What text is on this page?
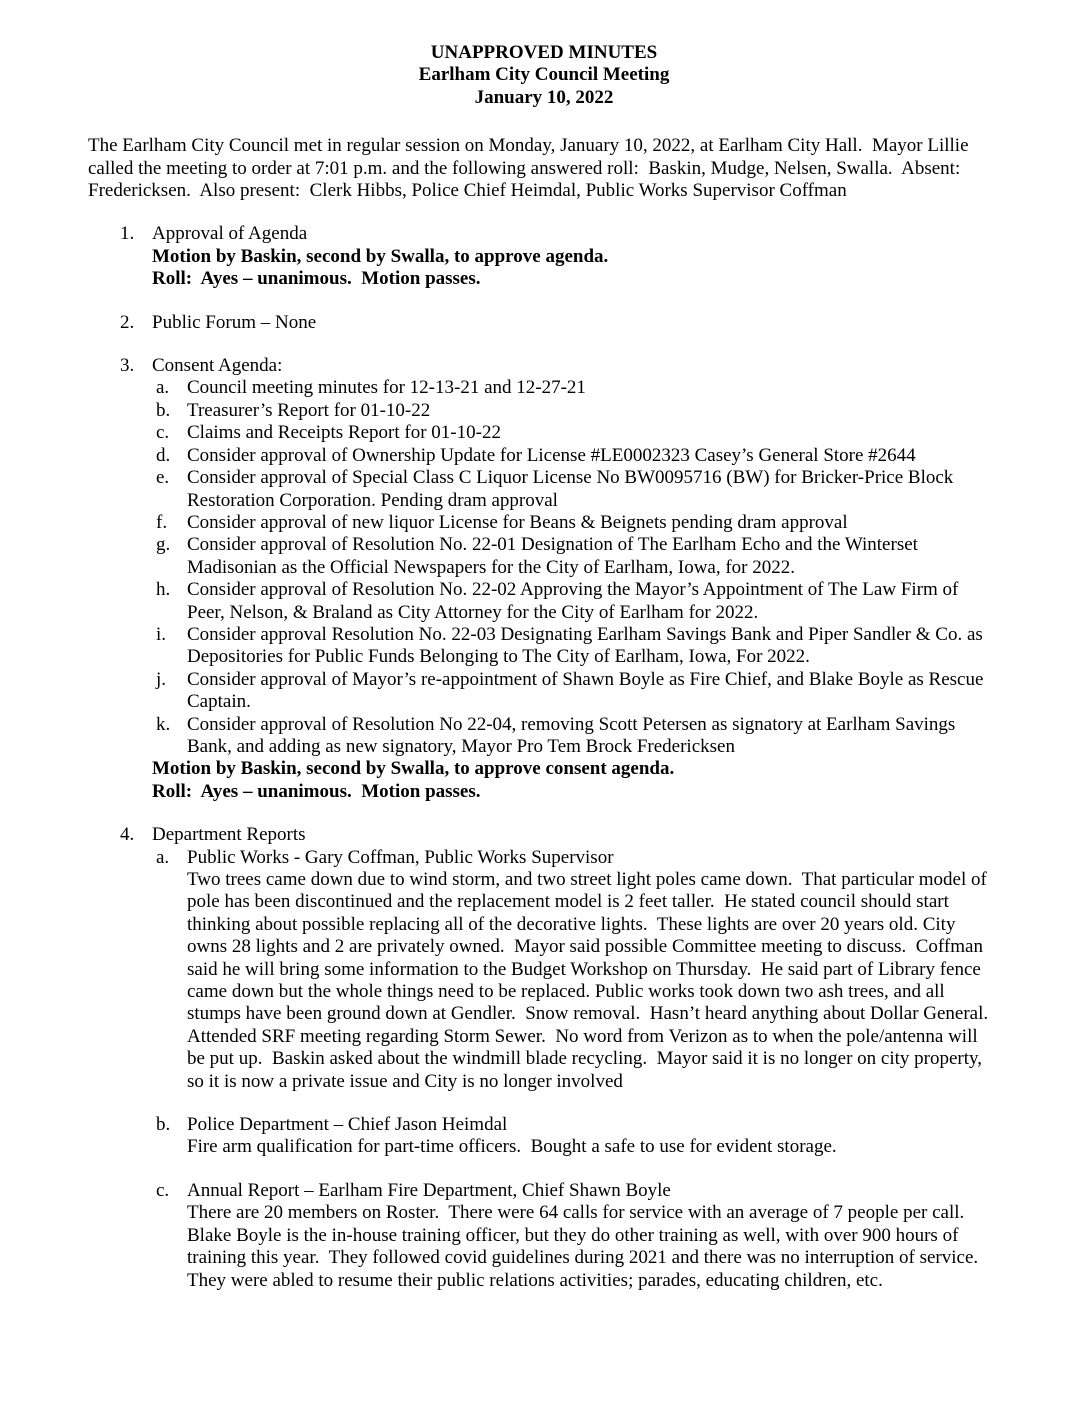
UNAPPROVED MINUTES
Earlham City Council Meeting
January 10, 2022

The Earlham City Council met in regular session on Monday, January 10, 2022, at Earlham City Hall.  Mayor Lillie called the meeting to order at 7:01 p.m. and the following answered roll:  Baskin, Mudge, Nelsen, Swalla.  Absent: Fredericksen.  Also present:  Clerk Hibbs, Police Chief Heimdal, Public Works Supervisor Coffman

1. Approval of Agenda
Motion by Baskin, second by Swalla, to approve agenda.
Roll:  Ayes – unanimous.  Motion passes.
2. Public Forum – None
3. Consent Agenda:
a. Council meeting minutes for 12-13-21 and 12-27-21
b. Treasurer’s Report for 01-10-22
c. Claims and Receipts Report for 01-10-22
d. Consider approval of Ownership Update for License #LE0002323 Casey’s General Store #2644
e. Consider approval of Special Class C Liquor License No BW0095716 (BW) for Bricker-Price Block Restoration Corporation. Pending dram approval
f.	Consider approval of new liquor License for Beans & Beignets pending dram approval
g. Consider approval of Resolution No. 22-01 Designation of The Earlham Echo and the Winterset Madisonian as the Official Newspapers for the City of Earlham, Iowa, for 2022.
h. Consider approval of Resolution No. 22-02 Approving the Mayor’s Appointment of The Law Firm of Peer, Nelson, & Braland as City Attorney for the City of Earlham for 2022.
i.	Consider approval Resolution No. 22-03 Designating Earlham Savings Bank and Piper Sandler & Co. as Depositories for Public Funds Belonging to The City of Earlham, Iowa, For 2022.
j.	Consider approval of Mayor’s re-appointment of Shawn Boyle as Fire Chief, and Blake Boyle as Rescue Captain.
k. Consider approval of Resolution No 22-04, removing Scott Petersen as signatory at Earlham Savings Bank, and adding as new signatory, Mayor Pro Tem Brock Fredericksen
Motion by Baskin, second by Swalla, to approve consent agenda.
Roll:  Ayes – unanimous.  Motion passes.
4. Department Reports
a. Public Works - Gary Coffman, Public Works Supervisor
Two trees came down due to wind storm, and two street light poles came down.  That particular model of pole has been discontinued and the replacement model is 2 feet taller.  He stated council should start thinking about possible replacing all of the decorative lights.  These lights are over 20 years old. City owns 28 lights and 2 are privately owned.  Mayor said possible Committee meeting to discuss.  Coffman said he will bring some information to the Budget Workshop on Thursday.  He said part of Library fence came down but the whole things need to be replaced. Public works took down two ash trees, and all stumps have been ground down at Gendler.  Snow removal.  Hasn’t heard anything about Dollar General.  Attended SRF meeting regarding Storm Sewer.  No word from Verizon as to when the pole/antenna will be put up.  Baskin asked about the windmill blade recycling.  Mayor said it is no longer on city property, so it is now a private issue and City is no longer involved
b. Police Department – Chief Jason Heimdal
Fire arm qualification for part-time officers.  Bought a safe to use for evident storage.
c. Annual Report – Earlham Fire Department, Chief Shawn Boyle
There are 20 members on Roster.  There were 64 calls for service with an average of 7 people per call. Blake Boyle is the in-house training officer, but they do other training as well, with over 900 hours of training this year.  They followed covid guidelines during 2021 and there was no interruption of service.  They were abled to resume their public relations activities; parades, educating children, etc.
